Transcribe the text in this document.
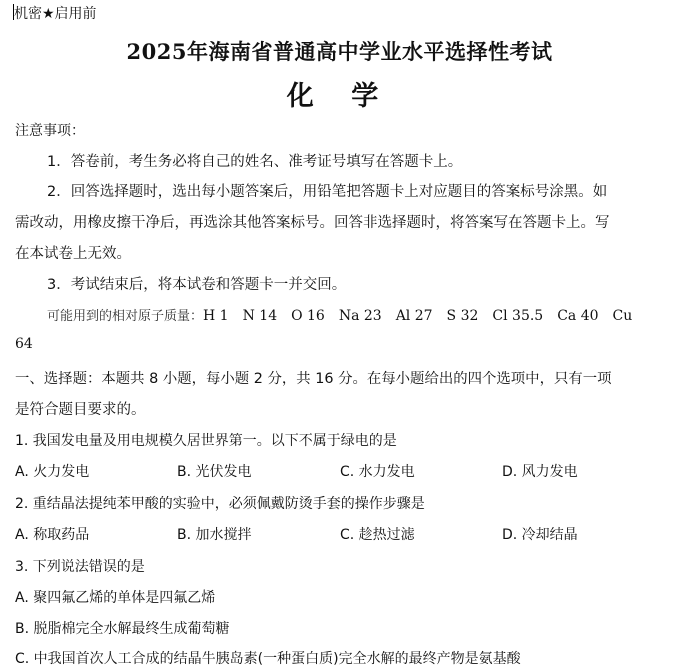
机密★启用前
2025年海南省普通高中学业水平选择性考试
化 学
注意事项：
1．答卷前，考生务必将自己的姓名、准考证号填写在答题卡上。
2．回答选择题时，选出每小题答案后，用铅笔把答题卡上对应题目的答案标号涂黑。如
需改动，用橡皮擦干净后，再选涂其他答案标号。回答非选择题时，将答案写在答题卡上。写
在本试卷上无效。
3．考试结束后，将本试卷和答题卡一并交回。
可能用到的相对原子质量：H 1　N 14　O 16　Na 23　Al 27　S 32　Cl 35.5　Ca 40　Cu
64
一、选择题：本题共 8 小题，每小题 2 分，共 16 分。在每小题给出的四个选项中，只有一项
是符合题目要求的。
1. 我国发电量及用电规模久居世界第一。以下不属于绿电的是
A. 火力发电	B. 光伏发电	C. 水力发电	D. 风力发电
2. 重结晶法提纯苯甲酸的实验中，必须佩戴防烫手套的操作步骤是
A. 称取药品	B. 加水搅拌	C. 趁热过滤	D. 冷却结晶
3. 下列说法错误的是
A. 聚四氟乙烯的单体是四氟乙烯
B. 脱脂棉完全水解最终生成葡萄糖
C. 中我国首次人工合成的结晶牛胰岛素(一种蛋白质)完全水解的最终产物是氨基酸
